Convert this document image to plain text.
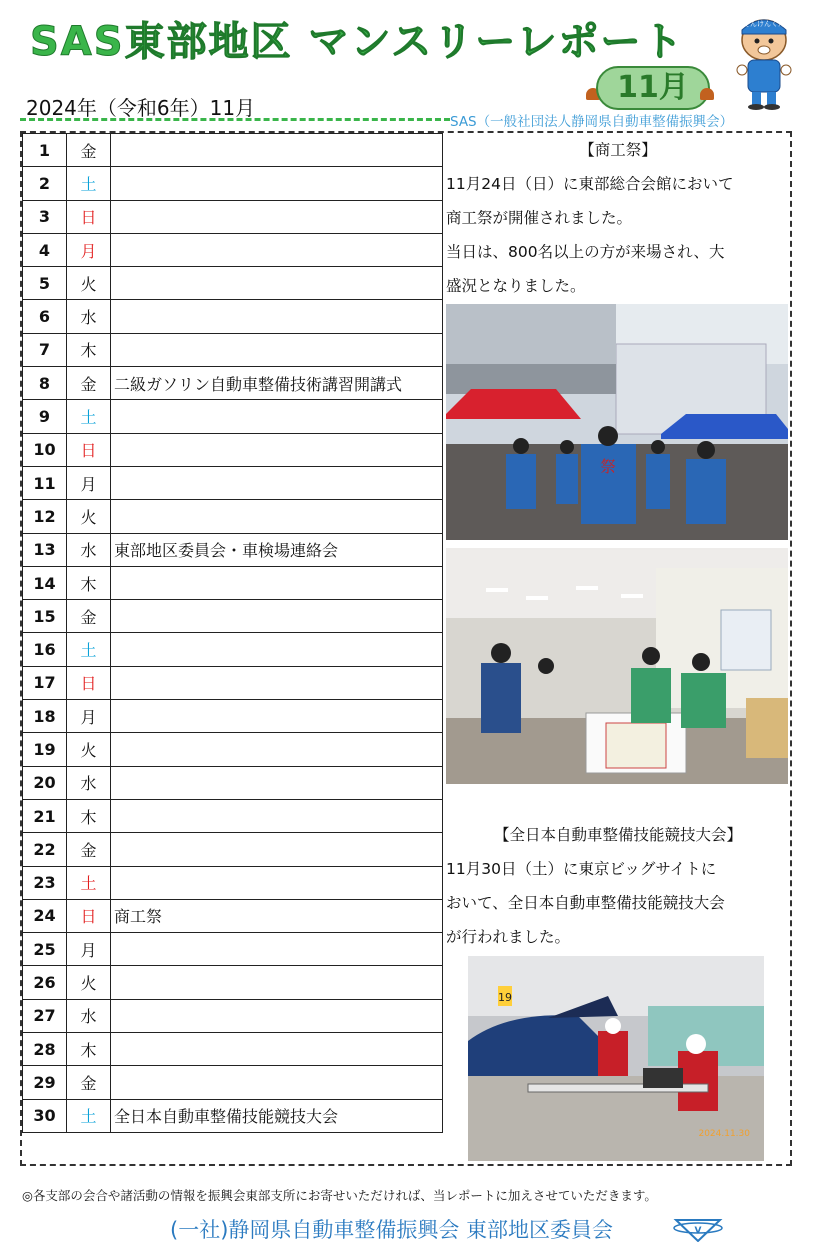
SAS東部地区 マンスリーレポート
11月
てんけんくん
2024年（令和6年）11月
SAS（一般社団法人静岡県自動車整備振興会）
1	金	
2	土	
3	日	
4	月	
5	火	
6	水	
7	木	
8	金	二級ガソリン自動車整備技術講習開講式
9	土	
10	日	
11	月	
12	火	
13	水	東部地区委員会・車検場連絡会
14	木	
15	金	
16	土	
17	日	
18	月	
19	火	
20	水	
21	木	
22	金	
23	土	
24	日	商工祭
25	月	
26	火	
27	水	
28	木	
29	金	
30	土	全日本自動車整備技能競技大会

【商工祭】

11月24日（日）に東部総合会館において

商工祭が開催されました。

当日は、800名以上の方が来場され、大

盛況となりました。

祭

【全日本自動車整備技能競技大会】

11月30日（土）に東京ビッグサイトに

おいて、全日本自動車整備技能競技大会

が行われました。

19
2024.11.30
◎各支部の会合や諸活動の情報を振興会東部支所にお寄せいただければ、当レポートに加えさせていただきます。
(一社)静岡県自動車整備振興会 東部地区委員会	V
